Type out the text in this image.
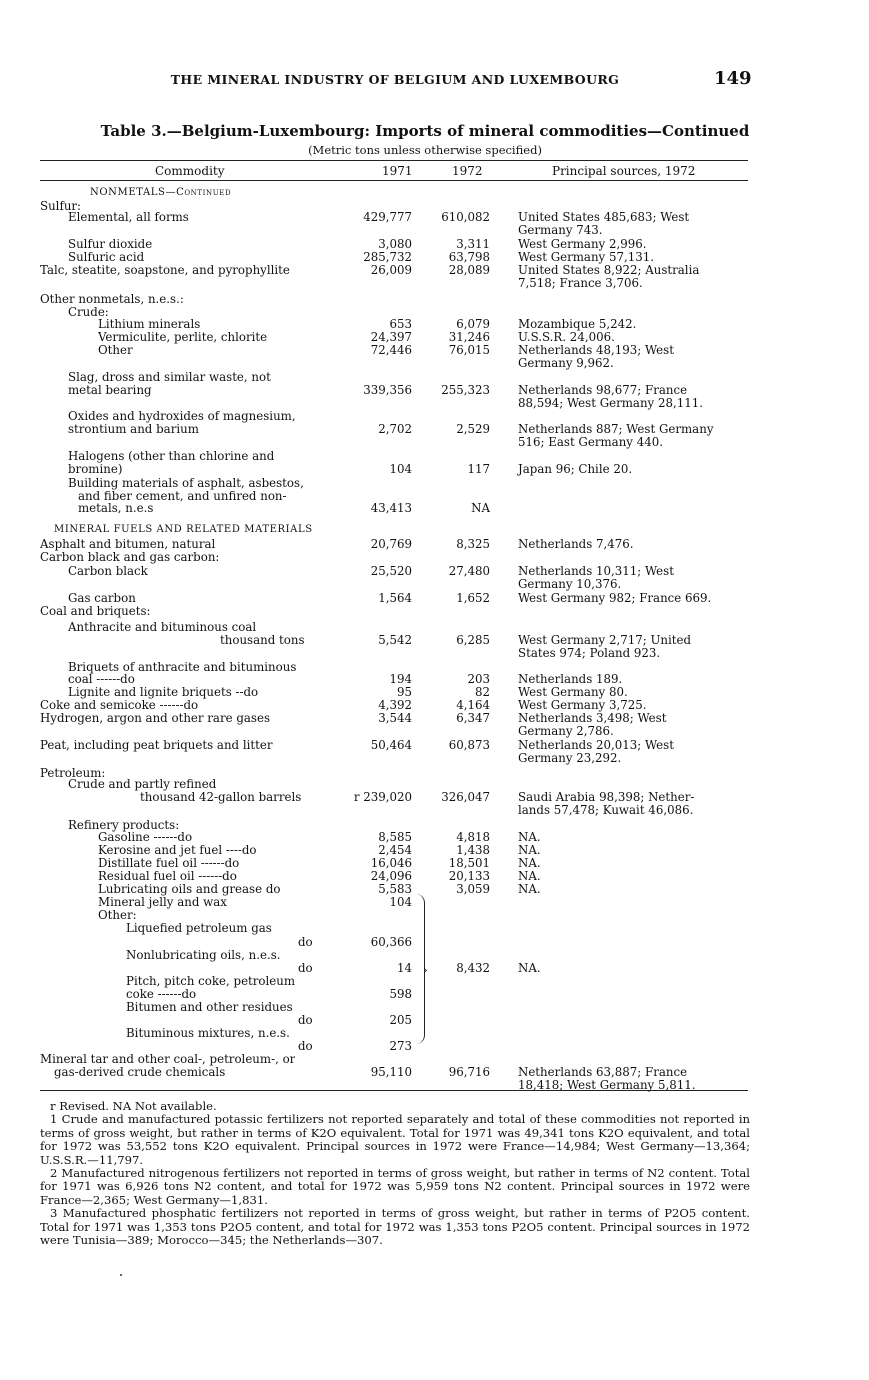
THE MINERAL INDUSTRY OF BELGIUM AND LUXEMBOURG	149
Table 3.—Belgium-Luxembourg: Imports of mineral commodities—Continued
(Metric tons unless otherwise specified)
Commodity	1971	1972	Principal sources, 1972
NONMETALS—Continued
Sulfur:
Elemental, all forms	429,777 610,082 United States 485,683; West
Germany 743.
Sulfur dioxide	3,080	3,311 West Germany 2,996.
Sulfuric acid	285,732	63,798 West Germany 57,131.
Talc, steatite, soapstone, and pyrophyllite	26,009	28,089 United States 8,922; Australia
7,518; France 3,706.
Other nonmetals, n.e.s.:
Crude:
Lithium minerals	653	6,079 Mozambique 5,242.
Vermiculite, perlite, chlorite	24,397	31,246 U.S.S.R. 24,006.
Other	72,446	76,015 Netherlands 48,193; West
Germany 9,962.
Slag, dross and similar waste, not
metal bearing	339,356 255,323 Netherlands 98,677; France
88,594; West Germany 28,111.
Oxides and hydroxides of magnesium,
strontium and barium	2,702	2,529 Netherlands 887; West Germany
516; East Germany 440.
Halogens (other than chlorine and
bromine)	104	117 Japan 96; Chile 20.
Building materials of asphalt, asbestos,
and fiber cement, and unfired non-
metals, n.e.s	43,413	NA
MINERAL FUELS AND RELATED MATERIALS
Asphalt and bitumen, natural	20,769	8,325 Netherlands 7,476.
Carbon black and gas carbon:
Carbon black	25,520	27,480 Netherlands 10,311; West
Germany 10,376.
Gas carbon	1,564	1,652 West Germany 982; France 669.
Coal and briquets:
Anthracite and bituminous coal
thousand tons	5,542	6,285 West Germany 2,717; United
States 974; Poland 923.
Briquets of anthracite and bituminous
coal ------do	194	203 Netherlands 189.
Lignite and lignite briquets --do	95	82 West Germany 80.
Coke and semicoke ------do	4,392	4,164 West Germany 3,725.
Hydrogen, argon and other rare gases	3,544	6,347 Netherlands 3,498; West
Germany 2,786.
Peat, including peat briquets and litter	50,464	60,873 Netherlands 20,013; West
Germany 23,292.
Petroleum:
Crude and partly refined
thousand 42-gallon barrels	r 239,020 326,047 Saudi Arabia 98,398; Nether-
lands 57,478; Kuwait 46,086.
Refinery products:
Gasoline ------do	8,585	4,818 NA.
Kerosine and jet fuel ----do	2,454	1,438 NA.
Distillate fuel oil ------do	16,046	18,501 NA.
Residual fuel oil ------do	24,096	20,133 NA.
Lubricating oils and grease do	5,583	3,059 NA.
Mineral jelly and wax	104
Other:
Liquefied petroleum gas
do	60,366
Nonlubricating oils, n.e.s.
do	14	8,432 NA.
Pitch, pitch coke, petroleum
coke ------do	598
Bitumen and other residues
do	205
Bituminous mixtures, n.e.s.
do	273
Mineral tar and other coal-, petroleum-, or
gas-derived crude chemicals	95,110	96,716 Netherlands 63,887; France
18,418; West Germany 5,811.
›

r Revised. NA Not available.

1 Crude and manufactured potassic fertilizers not reported separately and total of these commodities not reported in terms of gross weight, but rather in terms of K2O equivalent. Total for 1971 was 49,341 tons K2O equivalent, and total for 1972 was 53,552 tons K2O equivalent. Principal sources in 1972 were France—14,984; West Germany—13,364; U.S.S.R.—11,797.

2 Manufactured nitrogenous fertilizers not reported in terms of gross weight, but rather in terms of N2 content. Total for 1971 was 6,926 tons N2 content, and total for 1972 was 5,959 tons N2 content. Principal sources in 1972 were France—2,365; West Germany—1,831.

3 Manufactured phosphatic fertilizers not reported in terms of gross weight, but rather in terms of P2O5 content. Total for 1971 was 1,353 tons P2O5 content, and total for 1972 was 1,353 tons P2O5 content. Principal sources in 1972 were Tunisia—389; Morocco—345; the Netherlands—307.
